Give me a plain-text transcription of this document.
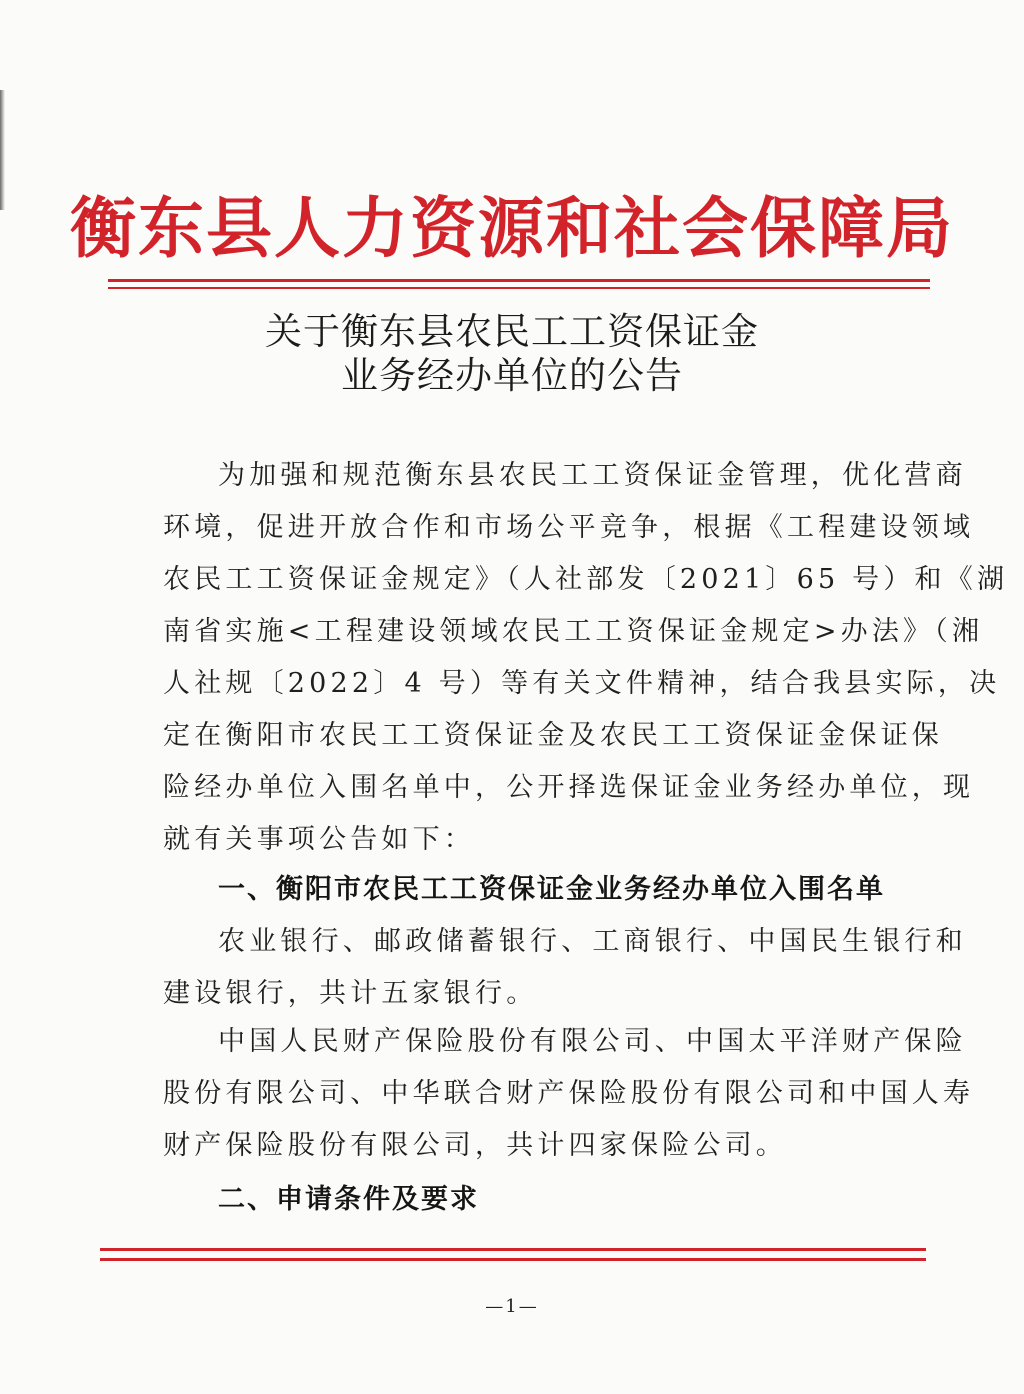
衡东县人力资源和社会保障局
关于衡东县农民工工资保证金
业务经办单位的公告
为加强和规范衡东县农民工工资保证金管理，优化营商
环境，促进开放合作和市场公平竞争，根据《工程建设领域
农民工工资保证金规定》（人社部发〔2021〕65 号）和《湖
南省实施<工程建设领域农民工工资保证金规定>办法》（湘
人社规〔2022〕4 号）等有关文件精神，结合我县实际，决
定在衡阳市农民工工资保证金及农民工工资保证金保证保
险经办单位入围名单中，公开择选保证金业务经办单位，现
就有关事项公告如下：
一、衡阳市农民工工资保证金业务经办单位入围名单
农业银行、邮政储蓄银行、工商银行、中国民生银行和
建设银行，共计五家银行。
中国人民财产保险股份有限公司、中国太平洋财产保险
股份有限公司、中华联合财产保险股份有限公司和中国人寿
财产保险股份有限公司，共计四家保险公司。
二、申请条件及要求
—1—
